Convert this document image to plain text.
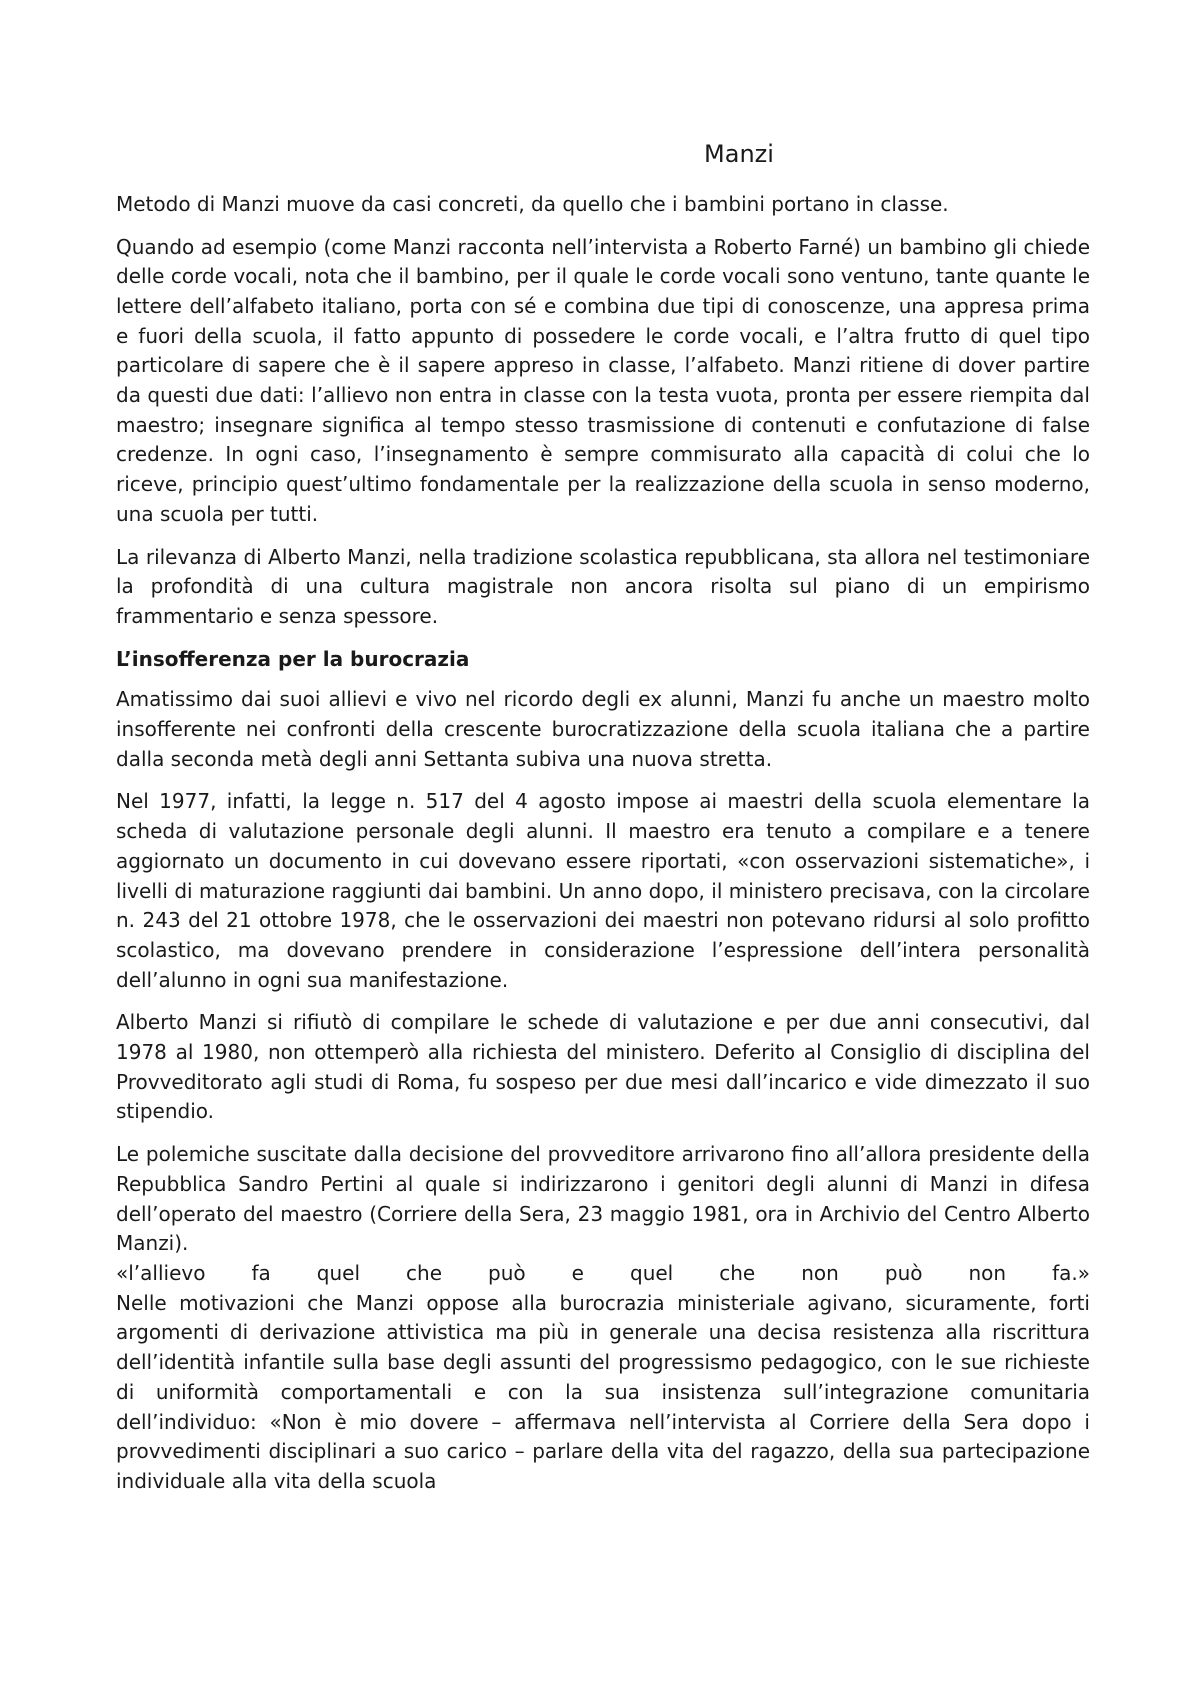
Manzi

Metodo di Manzi muove da casi concreti, da quello che i bambini portano in classe.

Quando ad esempio (come Manzi racconta nell’intervista a Roberto Farné) un bambino gli chiede delle corde vocali, nota che il bambino, per il quale le corde vocali sono ventuno, tante quante le lettere dell’alfabeto italiano, porta con sé e combina due tipi di conoscenze, una appresa prima e fuori della scuola, il fatto appunto di possedere le corde vocali, e l’altra frutto di quel tipo particolare di sapere che è il sapere appreso in classe, l’alfabeto. Manzi ritiene di dover partire da questi due dati: l’allievo non entra in classe con la testa vuota, pronta per essere riempita dal maestro; insegnare significa al tempo stesso trasmissione di contenuti e confutazione di false credenze. In ogni caso, l’insegnamento è sempre commisurato alla capacità di colui che lo riceve, principio quest’ultimo fondamentale per la realizzazione della scuola in senso moderno, una scuola per tutti.

La rilevanza di Alberto Manzi, nella tradizione scolastica repubblicana, sta allora nel testimoniare la profondità di una cultura magistrale non ancora risolta sul piano di un empirismo frammentario e senza spessore.

L’insofferenza per la burocrazia

Amatissimo dai suoi allievi e vivo nel ricordo degli ex alunni, Manzi fu anche un maestro molto insofferente nei confronti della crescente burocratizzazione della scuola italiana che a partire dalla seconda metà degli anni Settanta subiva una nuova stretta.

Nel 1977, infatti, la legge n. 517 del 4 agosto impose ai maestri della scuola elementare la scheda di valutazione personale degli alunni. Il maestro era tenuto a compilare e a tenere aggiornato un documento in cui dovevano essere riportati, «con osservazioni sistematiche», i livelli di maturazione raggiunti dai bambini. Un anno dopo, il ministero precisava, con la circolare n. 243 del 21 ottobre 1978, che le osservazioni dei maestri non potevano ridursi al solo profitto scolastico, ma dovevano prendere in considerazione l’espressione dell’intera personalità dell’alunno in ogni sua manifestazione.

Alberto Manzi si rifiutò di compilare le schede di valutazione e per due anni consecutivi, dal 1978 al 1980, non ottemperò alla richiesta del ministero. Deferito al Consiglio di disciplina del Provveditorato agli studi di Roma, fu sospeso per due mesi dall’incarico e vide dimezzato il suo stipendio.

Le polemiche suscitate dalla decisione del provveditore arrivarono fino all’allora presidente della Repubblica Sandro Pertini al quale si indirizzarono i genitori degli alunni di Manzi in difesa dell’operato del maestro (Corriere della Sera, 23 maggio 1981, ora in Archivio del Centro Alberto Manzi).
«l’allievo fa quel che può e quel che non può non fa.»
Nelle motivazioni che Manzi oppose alla burocrazia ministeriale agivano, sicuramente, forti argomenti di derivazione attivistica ma più in generale una decisa resistenza alla riscrittura dell’identità infantile sulla base degli assunti del progressismo pedagogico, con le sue richieste di uniformità comportamentali e con la sua insistenza sull’integrazione comunitaria dell’individuo: «Non è mio dovere – affermava nell’intervista al Corriere della Sera dopo i provvedimenti disciplinari a suo carico – parlare della vita del ragazzo, della sua partecipazione individuale alla vita della scuola
